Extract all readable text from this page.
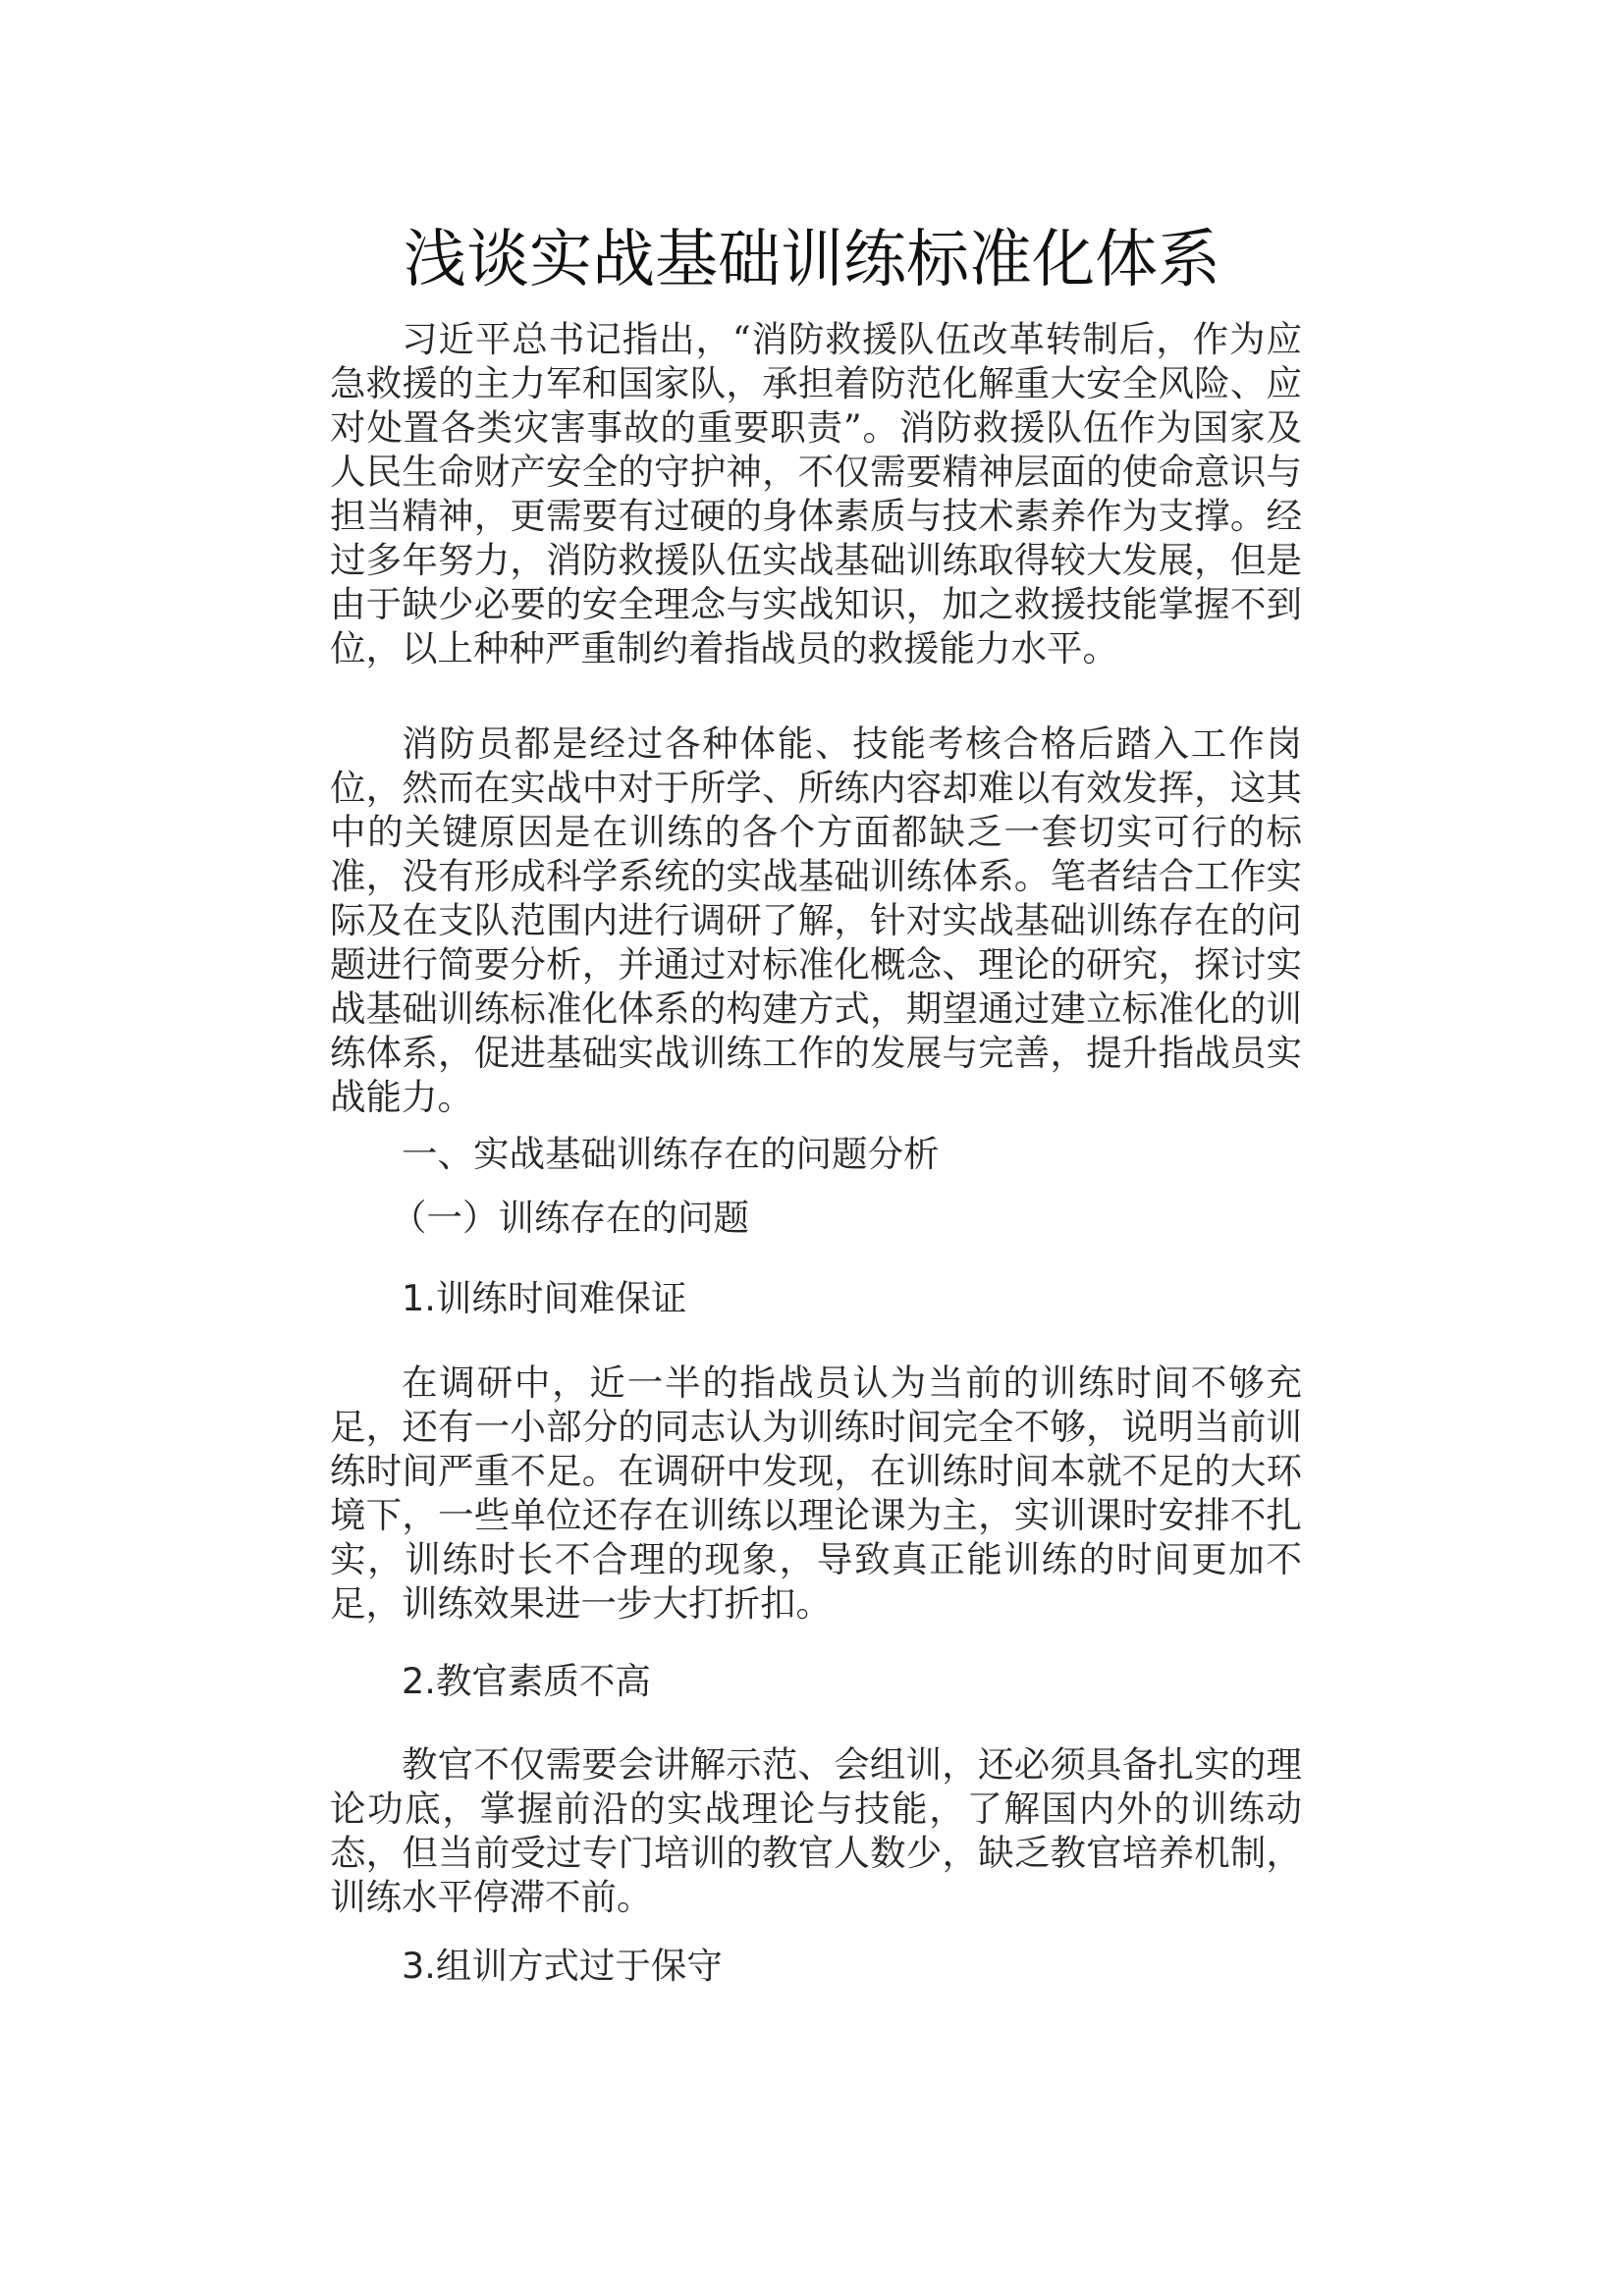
浅谈实战基础训练标准化体系

习近平总书记指出，“消防救援队伍改革转制后，作为应急救援的主力军和国家队，承担着防范化解重大安全风险、应对处置各类灾害事故的重要职责”。消防救援队伍作为国家及人民生命财产安全的守护神，不仅需要精神层面的使命意识与担当精神，更需要有过硬的身体素质与技术素养作为支撑。经过多年努力，消防救援队伍实战基础训练取得较大发展，但是由于缺少必要的安全理念与实战知识，加之救援技能掌握不到位，以上种种严重制约着指战员的救援能力水平。

消防员都是经过各种体能、技能考核合格后踏入工作岗位，然而在实战中对于所学、所练内容却难以有效发挥，这其中的关键原因是在训练的各个方面都缺乏一套切实可行的标准，没有形成科学系统的实战基础训练体系。笔者结合工作实际及在支队范围内进行调研了解，针对实战基础训练存在的问题进行简要分析，并通过对标准化概念、理论的研究，探讨实战基础训练标准化体系的构建方式，期望通过建立标准化的训练体系，促进基础实战训练工作的发展与完善，提升指战员实战能力。

一、实战基础训练存在的问题分析

（一）训练存在的问题

1.训练时间难保证

在调研中，近一半的指战员认为当前的训练时间不够充足，还有一小部分的同志认为训练时间完全不够，说明当前训练时间严重不足。在调研中发现，在训练时间本就不足的大环境下，一些单位还存在训练以理论课为主，实训课时安排不扎实，训练时长不合理的现象，导致真正能训练的时间更加不足，训练效果进一步大打折扣。

2.教官素质不高

教官不仅需要会讲解示范、会组训，还必须具备扎实的理论功底，掌握前沿的实战理论与技能，了解国内外的训练动态，但当前受过专门培训的教官人数少，缺乏教官培养机制，训练水平停滞不前。

3.组训方式过于保守
